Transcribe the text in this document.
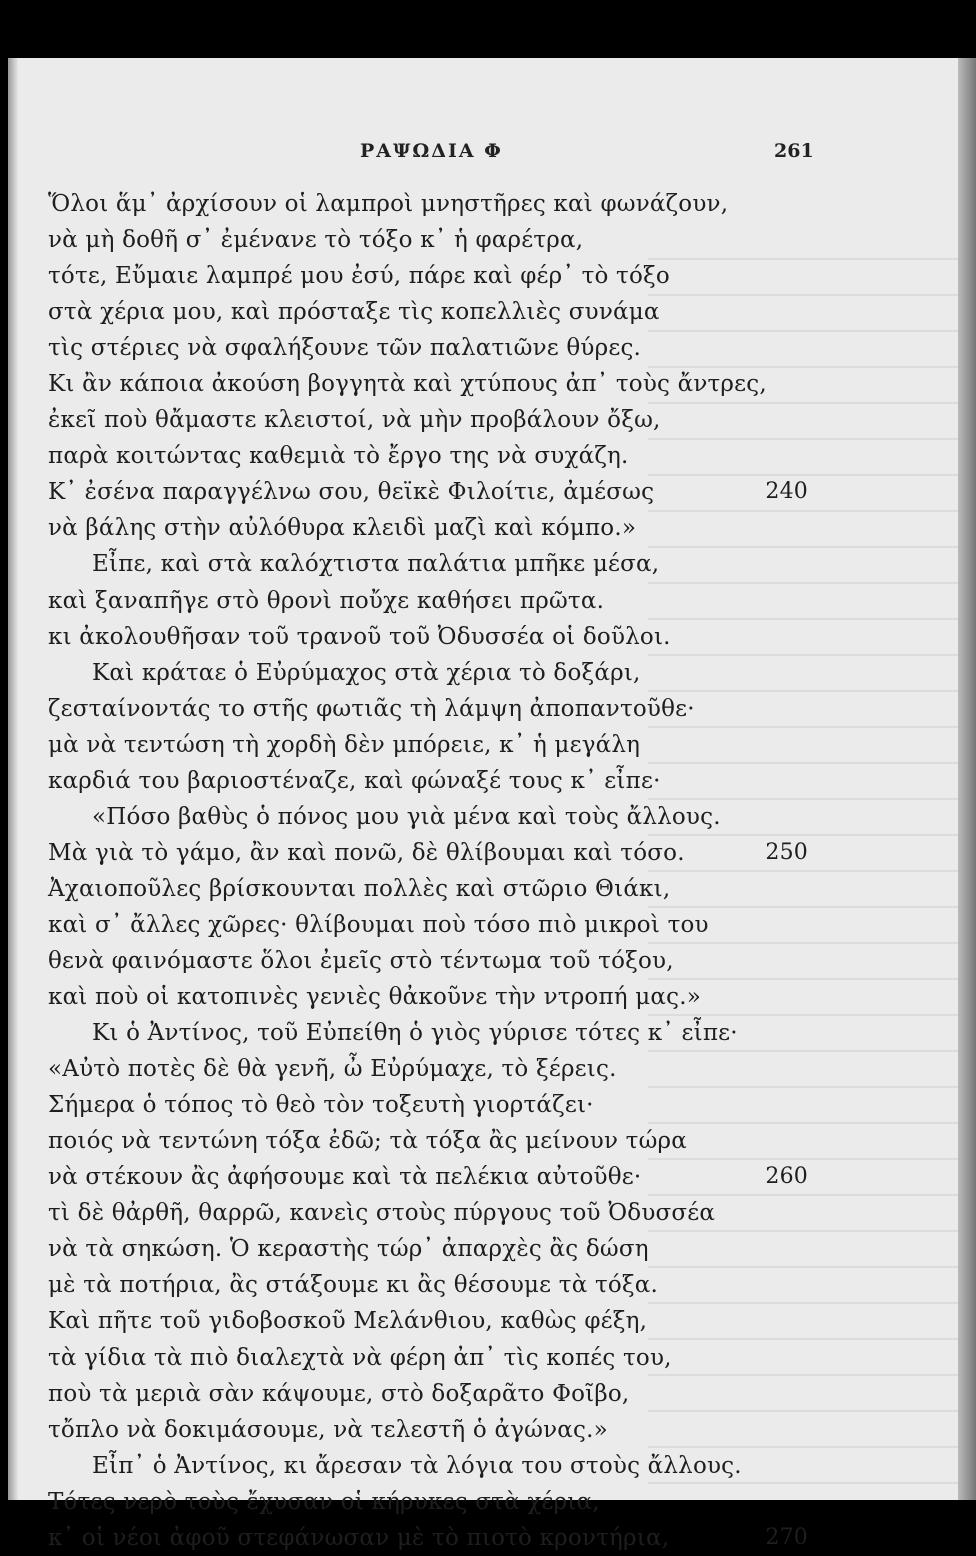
ΡΑΨΩΔΙΑ Φ	261
Ὅλοι ἅμ᾽ ἀρχίσουν οἱ λαμπροὶ μνηστῆρες καὶ φωνάζουν,
νὰ μὴ δοθῆ σ᾽ ἐμένανε τὸ τόξο κ᾽ ἡ φαρέτρα,
τότε, Εὔμαιε λαμπρέ μου ἐσύ, πάρε καὶ φέρ᾽ τὸ τόξο
στὰ χέρια μου, καὶ πρόσταξε τὶς κοπελλιὲς συνάμα
τὶς στέριες νὰ σφαλήξουνε τῶν παλατιῶνε θύρες.
Κι ἂν κάποια ἀκούση βογγητὰ καὶ χτύπους ἀπ᾽ τοὺς ἄντρες,
ἐκεῖ ποὺ θἄμαστε κλειστοί, νὰ μὴν προβάλουν ὄξω,
παρὰ κοιτώντας καθεμιὰ τὸ ἔργο της νὰ συχάζη.
Κ᾽ ἐσένα παραγγέλνω σου, θεϊκὲ Φιλοίτιε, ἀμέσως	240
νὰ βάλης στὴν αὐλόθυρα κλειδὶ μαζὶ καὶ κόμπο.»
Εἶπε, καὶ στὰ καλόχτιστα παλάτια μπῆκε μέσα,
καὶ ξαναπῆγε στὸ θρονὶ ποὔχε καθήσει πρῶτα.
κι ἀκολουθῆσαν τοῦ τρανοῦ τοῦ Ὀδυσσέα οἱ δοῦλοι.
Καὶ κράταε ὁ Εὐρύμαχος στὰ χέρια τὸ δοξάρι,
ζεσταίνοντάς το στῆς φωτιᾶς τὴ λάμψη ἀποπαντοῦθε·
μὰ νὰ τεντώση τὴ χορδὴ δὲν μπόρειε, κ᾽ ἡ μεγάλη
καρδιά του βαριοστέναζε, καὶ φώναξέ τους κ᾽ εἶπε·
«Πόσο βαθὺς ὁ πόνος μου γιὰ μένα καὶ τοὺς ἄλλους.
Μὰ γιὰ τὸ γάμο, ἂν καὶ πονῶ, δὲ θλίβουμαι καὶ τόσο.	250
Ἀχαιοποῦλες βρίσκουνται πολλὲς καὶ στῶριο Θιάκι,
καὶ σ᾽ ἄλλες χῶρες· θλίβουμαι ποὺ τόσο πιὸ μικροὶ του
θενὰ φαινόμαστε ὅλοι ἐμεῖς στὸ τέντωμα τοῦ τόξου,
καὶ ποὺ οἱ κατοπινὲς γενιὲς θἀκοῦνε τὴν ντροπή μας.»
Κι ὁ Ἀντίνος, τοῦ Εὐπείθη ὁ γιὸς γύρισε τότες κ᾽ εἶπε·
«Αὐτὸ ποτὲς δὲ θὰ γενῆ, ὦ Εὐρύμαχε, τὸ ξέρεις.
Σήμερα ὁ τόπος τὸ θεὸ τὸν τοξευτὴ γιορτάζει·
ποιός νὰ τεντώνη τόξα ἐδῶ; τὰ τόξα ἂς μείνουν τώρα
νὰ στέκουν ἂς ἀφήσουμε καὶ τὰ πελέκια αὐτοῦθε·	260
τὶ δὲ θἀρθῆ, θαρρῶ, κανεὶς στοὺς πύργους τοῦ Ὀδυσσέα
νὰ τὰ σηκώση. Ὁ κεραστὴς τώρ᾽ ἀπαρχὲς ἂς δώση
μὲ τὰ ποτήρια, ἂς στάξουμε κι ἂς θέσουμε τὰ τόξα.
Καὶ πῆτε τοῦ γιδοβοσκοῦ Μελάνθιου, καθὼς φέξη,
τὰ γίδια τὰ πιὸ διαλεχτὰ νὰ φέρη ἀπ᾽ τὶς κοπές του,
ποὺ τὰ μεριὰ σὰν κάψουμε, στὸ δοξαρᾶτο Φοῖβο,
τὄπλο νὰ δοκιμάσουμε, νὰ τελεστῆ ὁ ἀγώνας.»
Εἶπ᾽ ὁ Ἀντίνος, κι ἄρεσαν τὰ λόγια του στοὺς ἄλλους.
Τότες νερὸ τοὺς ἔχυσαν οἱ κήρυκες στὰ χέρια,
κ᾽ οἱ νέοι ἀφοῦ στεφάνωσαν μὲ τὸ πιοτὸ κροντήρια,	270
